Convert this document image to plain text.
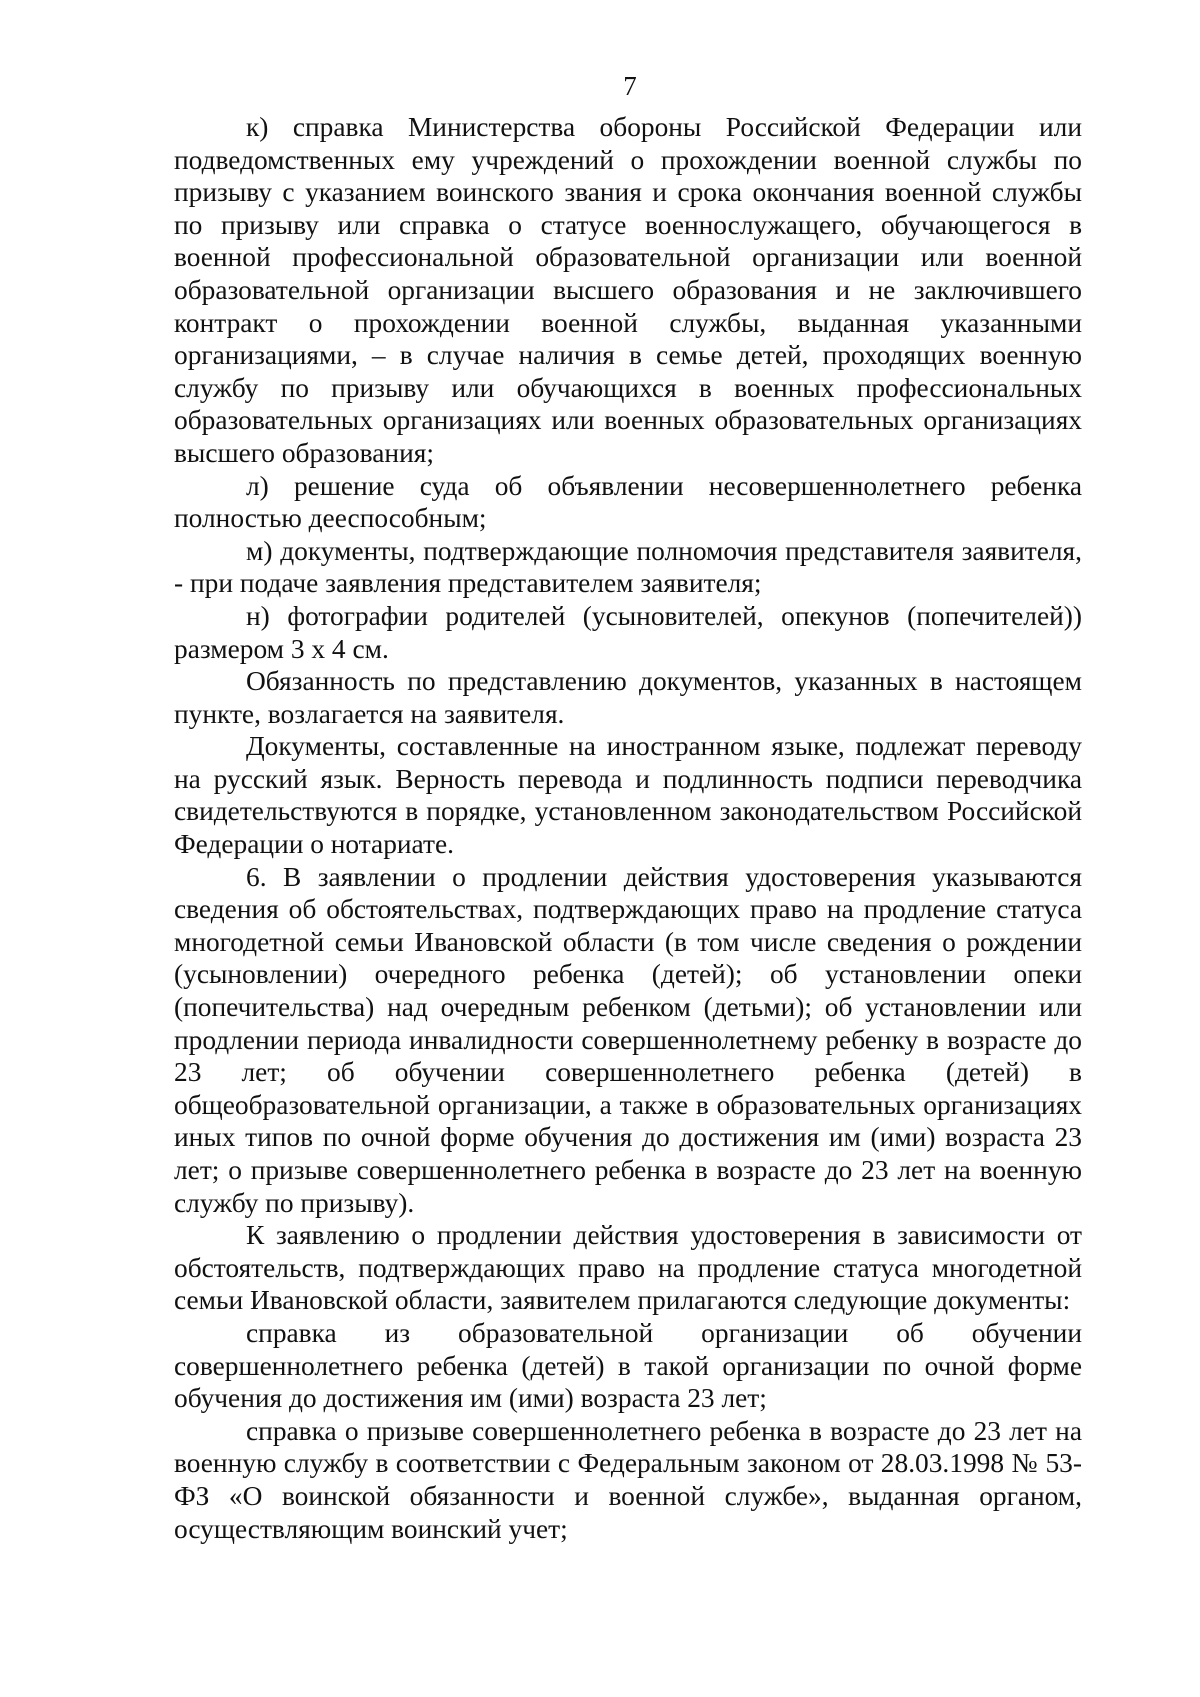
7

к) справка Министерства обороны Российской Федерации или подведомственных ему учреждений о прохождении военной службы по призыву с указанием воинского звания и срока окончания военной службы по призыву или справка о статусе военнослужащего, обучающегося в военной профессиональной образовательной организации или военной образовательной организации высшего образования и не заключившего контракт о прохождении военной службы, выданная указанными организациями, – в случае наличия в семье детей, проходящих военную службу по призыву или обучающихся в военных профессиональных образовательных организациях или военных образовательных организациях высшего образования;

л) решение суда об объявлении несовершеннолетнего ребенка полностью дееспособным;

м) документы, подтверждающие полномочия представителя заявителя, - при подаче заявления представителем заявителя;

н) фотографии родителей (усыновителей, опекунов (попечителей)) размером 3 х 4 см.

Обязанность по представлению документов, указанных в настоящем пункте, возлагается на заявителя.

Документы, составленные на иностранном языке, подлежат переводу на русский язык. Верность перевода и подлинность подписи переводчика свидетельствуются в порядке, установленном законодательством Российской Федерации о нотариате.

6. В заявлении о продлении действия удостоверения указываются сведения об обстоятельствах, подтверждающих право на продление статуса многодетной семьи Ивановской области (в том числе сведения о рождении (усыновлении) очередного ребенка (детей); об установлении опеки (попечительства) над очередным ребенком (детьми); об установлении или продлении периода инвалидности совершеннолетнему ребенку в возрасте до 23 лет; об обучении совершеннолетнего ребенка (детей) в общеобразовательной организации, а также в образовательных организациях иных типов по очной форме обучения до достижения им (ими) возраста 23 лет; о призыве совершеннолетнего ребенка в возрасте до 23 лет на военную службу по призыву).

К заявлению о продлении действия удостоверения в зависимости от обстоятельств, подтверждающих право на продление статуса многодетной семьи Ивановской области, заявителем прилагаются следующие документы:

справка из образовательной организации об обучении совершеннолетнего ребенка (детей) в такой организации по очной форме обучения до достижения им (ими) возраста 23 лет;

справка о призыве совершеннолетнего ребенка в возрасте до 23 лет на военную службу в соответствии с Федеральным законом от 28.03.1998 № 53-ФЗ «О воинской обязанности и военной службе», выданная органом, осуществляющим воинский учет;
